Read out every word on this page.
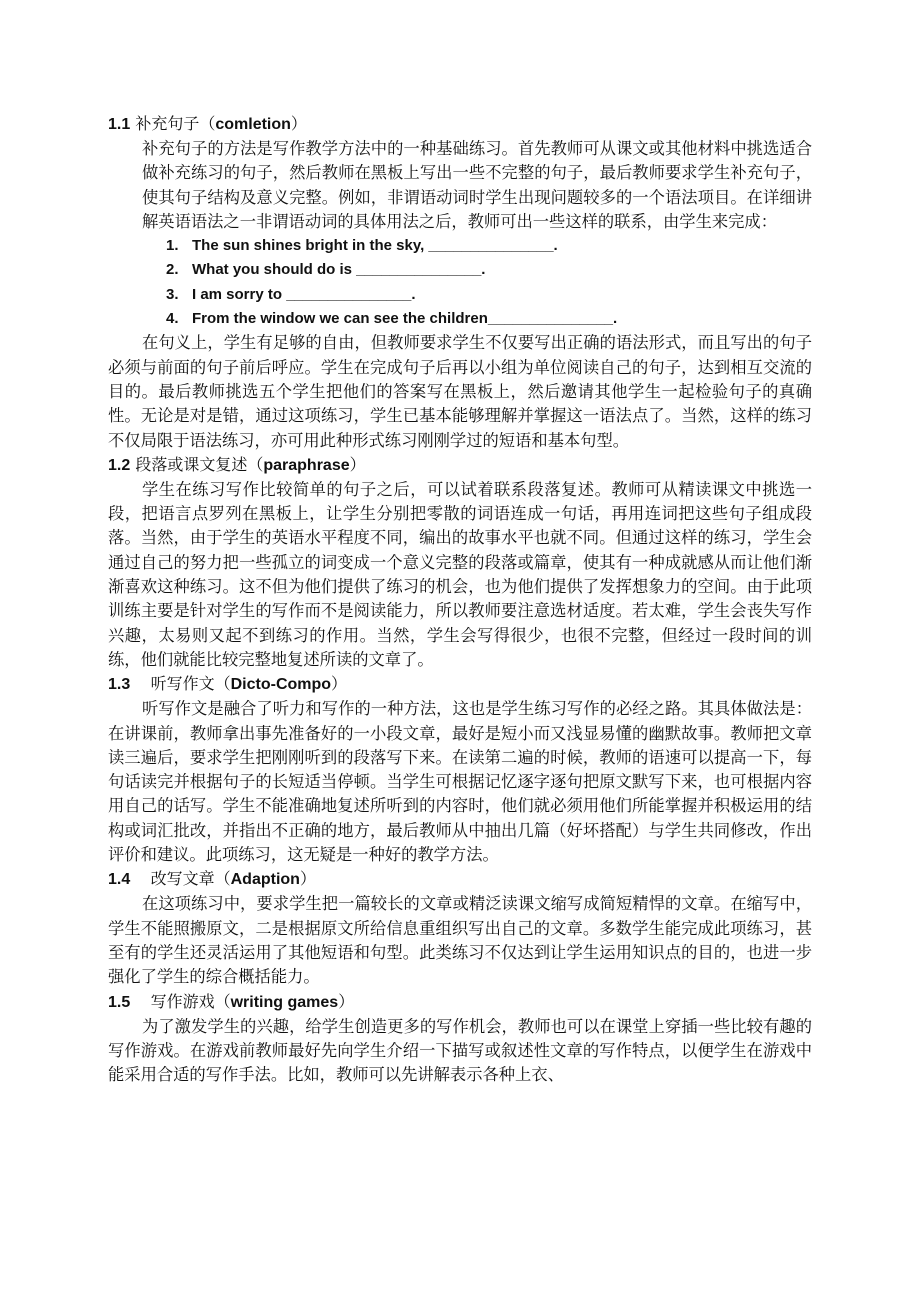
1.1 补充句子（comletion）

补充句子的方法是写作教学方法中的一种基础练习。首先教师可从课文或其他材料中挑选适合做补充练习的句子，然后教师在黑板上写出一些不完整的句子，最后教师要求学生补充句子，使其句子结构及意义完整。例如，非谓语动词时学生出现问题较多的一个语法项目。在详细讲解英语语法之一非谓语动词的具体用法之后，教师可出一些这样的联系，由学生来完成：

1. The sun shines bright in the sky, _______________.
2. What you should do is _______________.
3. I am sorry to _______________.
4. From the window we can see the children_______________.

在句义上，学生有足够的自由，但教师要求学生不仅要写出正确的语法形式，而且写出的句子必须与前面的句子前后呼应。学生在完成句子后再以小组为单位阅读自己的句子，达到相互交流的目的。最后教师挑选五个学生把他们的答案写在黑板上，然后邀请其他学生一起检验句子的真确性。无论是对是错，通过这项练习，学生已基本能够理解并掌握这一语法点了。当然，这样的练习不仅局限于语法练习，亦可用此种形式练习刚刚学过的短语和基本句型。

1.2 段落或课文复述（paraphrase）

学生在练习写作比较简单的句子之后，可以试着联系段落复述。教师可从精读课文中挑选一段，把语言点罗列在黑板上，让学生分别把零散的词语连成一句话，再用连词把这些句子组成段落。当然，由于学生的英语水平程度不同，编出的故事水平也就不同。但通过这样的练习，学生会通过自己的努力把一些孤立的词变成一个意义完整的段落或篇章，使其有一种成就感从而让他们渐渐喜欢这种练习。这不但为他们提供了练习的机会，也为他们提供了发挥想象力的空间。由于此项训练主要是针对学生的写作而不是阅读能力，所以教师要注意选材适度。若太难，学生会丧失写作兴趣，太易则又起不到练习的作用。当然，学生会写得很少，也很不完整，但经过一段时间的训练，他们就能比较完整地复述所读的文章了。

1.3    听写作文（Dicto-Compo）

听写作文是融合了听力和写作的一种方法，这也是学生练习写作的必经之路。其具体做法是：在讲课前，教师拿出事先准备好的一小段文章，最好是短小而又浅显易懂的幽默故事。教师把文章读三遍后，要求学生把刚刚听到的段落写下来。在读第二遍的时候，教师的语速可以提高一下，每句话读完并根据句子的长短适当停顿。当学生可根据记忆逐字逐句把原文默写下来，也可根据内容用自己的话写。学生不能准确地复述所听到的内容时，他们就必须用他们所能掌握并积极运用的结构或词汇批改，并指出不正确的地方，最后教师从中抽出几篇（好坏搭配）与学生共同修改，作出评价和建议。此项练习，这无疑是一种好的教学方法。

1.4    改写文章（Adaption）

在这项练习中，要求学生把一篇较长的文章或精泛读课文缩写成简短精悍的文章。在缩写中，学生不能照搬原文，二是根据原文所给信息重组织写出自己的文章。多数学生能完成此项练习，甚至有的学生还灵活运用了其他短语和句型。此类练习不仅达到让学生运用知识点的目的，也进一步强化了学生的综合概括能力。

1.5    写作游戏（writing games）

为了激发学生的兴趣，给学生创造更多的写作机会，教师也可以在课堂上穿插一些比较有趣的写作游戏。在游戏前教师最好先向学生介绍一下描写或叙述性文章的写作特点，以便学生在游戏中能采用合适的写作手法。比如，教师可以先讲解表示各种上衣、
